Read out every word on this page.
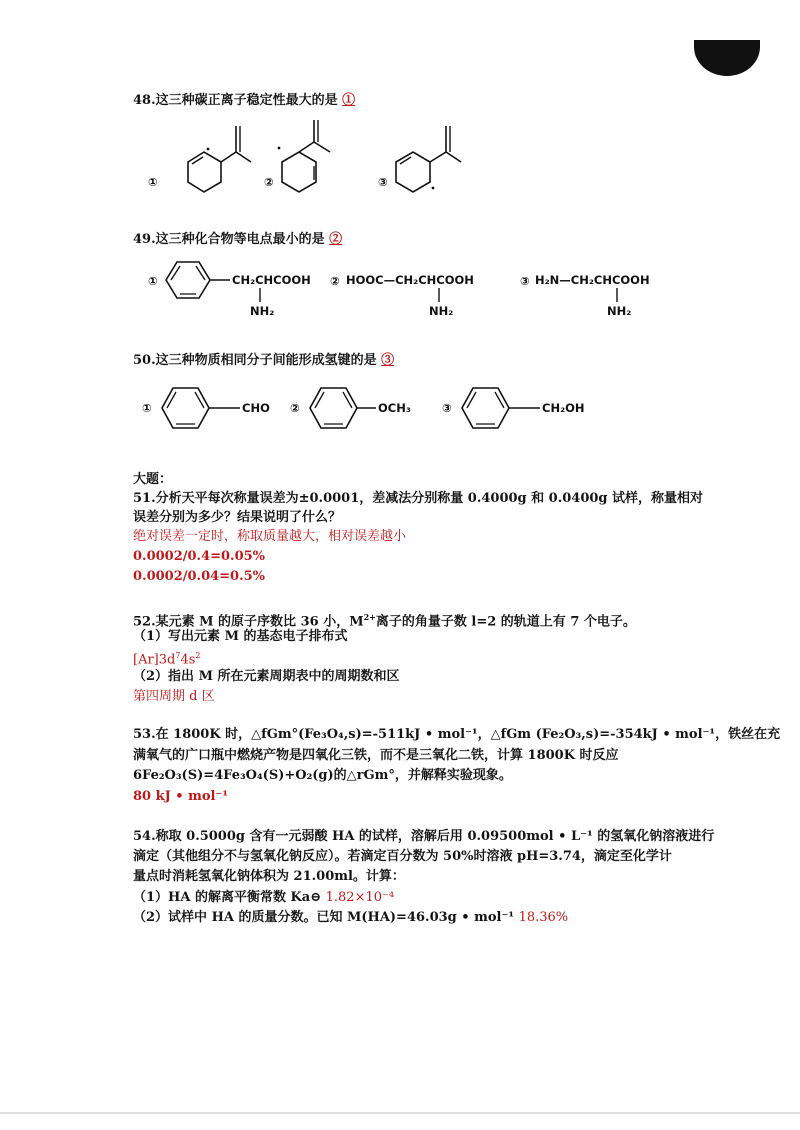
48.这三种碳正离子稳定性最大的是 ①
①	②	③
49.这三种化合物等电点最小的是 ②
①	CH₂CHCOOH
NH₂
② HOOC—CH₂CHCOOH
NH₂
③ H₂N—CH₂CHCOOH
NH₂
50.这三种物质相同分子间能形成氢键的是 ③
①	CHO ②	OCH₃	③	CH₂OH
大题：
51.分析天平每次称量误差为±0.0001，差减法分别称量 0.4000g 和 0.0400g 试样，称量相对
误差分别为多少？结果说明了什么？
绝对误差一定时，称取质量越大，相对误差越小
0.0002/0.4=0.05%
0.0002/0.04=0.5%
52.某元素 M 的原子序数比 36 小，$M^{2+}$离子的角量子数 l=2 的轨道上有 7 个电子。
（1）写出元素 M 的基态电子排布式
$[Ar]3d^74s^2$
（2）指出 M 所在元素周期表中的周期数和区
第四周期 d 区
53.在 1800K 时，△fGm°(Fe₃O₄,s)=-511kJ • mol⁻¹，△fGm (Fe₂O₃,s)=-354kJ • mol⁻¹，铁丝在充
满氧气的广口瓶中燃烧产物是四氧化三铁，而不是三氧化二铁，计算 1800K 时反应
6Fe₂O₃(S)=4Fe₃O₄(S)+O₂(g)的△rGm°，并解释实验现象。
80 kJ • mol⁻¹
54.称取 0.5000g 含有一元弱酸 HA 的试样，溶解后用 0.09500mol • L⁻¹ 的氢氧化钠溶液进行
滴定（其他组分不与氢氧化钠反应）。若滴定百分数为 50%时溶液 pH=3.74，滴定至化学计
量点时消耗氢氧化钠体积为 21.00ml。计算：
（1）HA 的解离平衡常数 Ka⊖ 1.82×10⁻⁴
（2）试样中 HA 的质量分数。已知 M(HA)=46.03g • mol⁻¹ 18.36%
